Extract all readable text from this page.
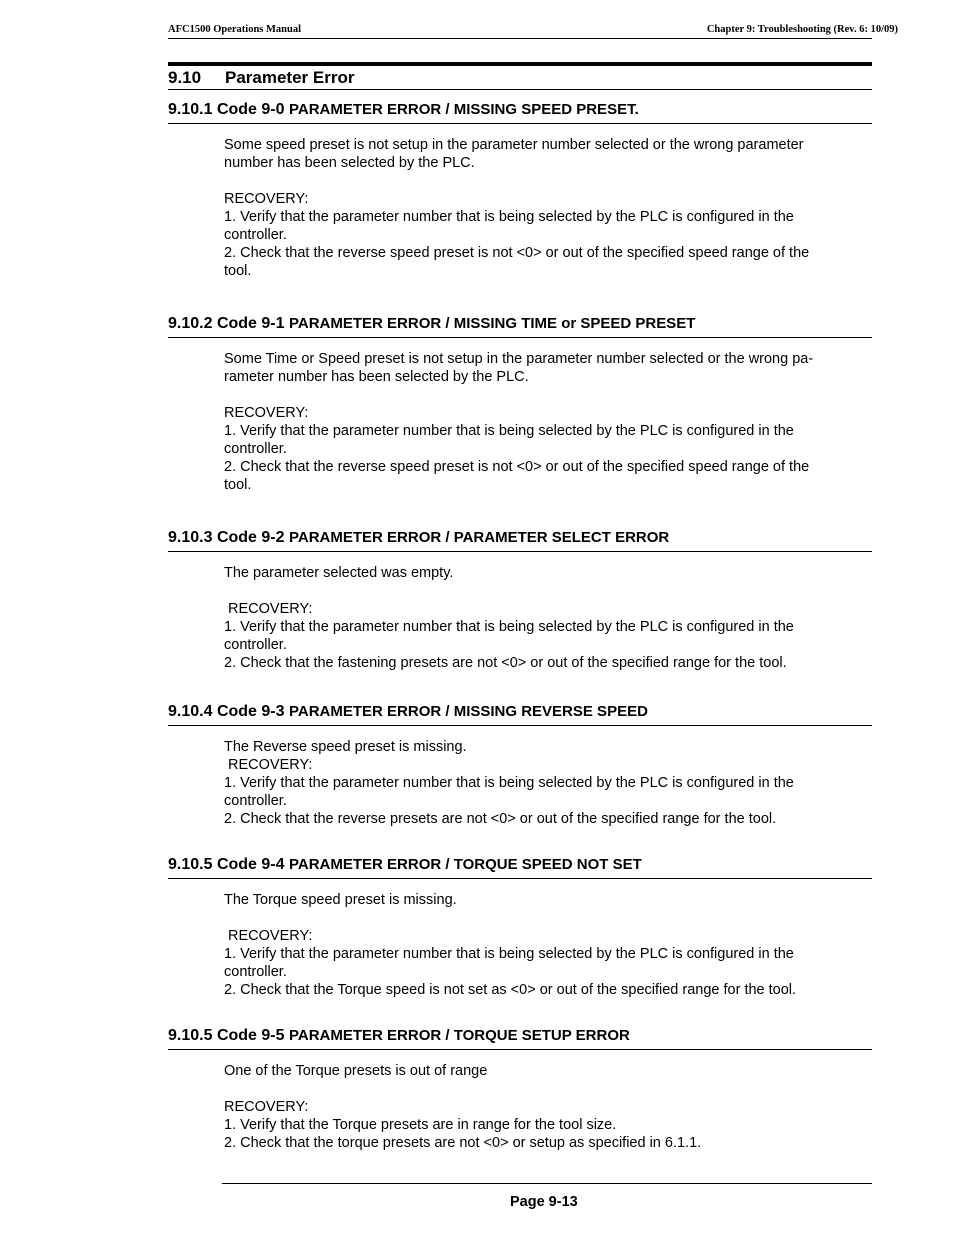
AFC1500 Operations Manual	Chapter 9: Troubleshooting (Rev. 6: 10/09)
9.10 Parameter Error
9.10.1 Code 9-0 PARAMETER ERROR / MISSING SPEED PRESET.
Some speed preset is not setup in the parameter number selected or the wrong parameter
number has been selected by the PLC.
RECOVERY:
1. Verify that the parameter number that is being selected by the PLC is configured in the
controller.
2. Check that the reverse speed preset is not <0> or out of the specified speed range of the
tool.
9.10.2 Code 9-1 PARAMETER ERROR / MISSING TIME or SPEED PRESET
Some Time or Speed preset is not setup in the parameter number selected or the wrong pa-
rameter number has been selected by the PLC.
RECOVERY:
1. Verify that the parameter number that is being selected by the PLC is configured in the
controller.
2. Check that the reverse speed preset is not <0> or out of the specified speed range of the
tool.
9.10.3 Code 9-2 PARAMETER ERROR / PARAMETER SELECT ERROR
The parameter selected was empty.
RECOVERY:
1. Verify that the parameter number that is being selected by the PLC is configured in the
controller.
2. Check that the fastening presets are not <0> or out of the specified range for the tool.
9.10.4 Code 9-3 PARAMETER ERROR / MISSING REVERSE SPEED
The Reverse speed preset is missing.
RECOVERY:
1. Verify that the parameter number that is being selected by the PLC is configured in the
controller.
2. Check that the reverse presets are not <0> or out of the specified range for the tool.
9.10.5 Code 9-4 PARAMETER ERROR / TORQUE SPEED NOT SET
The Torque speed preset is missing.
RECOVERY:
1. Verify that the parameter number that is being selected by the PLC is configured in the
controller.
2. Check that the Torque speed is not set as <0> or out of the specified range for the tool.
9.10.5 Code 9-5 PARAMETER ERROR / TORQUE SETUP ERROR
One of the Torque presets is out of range
RECOVERY:
1. Verify that the Torque presets are in range for the tool size.
2. Check that the torque presets are not <0> or setup as specified in 6.1.1.
Page 9-13
